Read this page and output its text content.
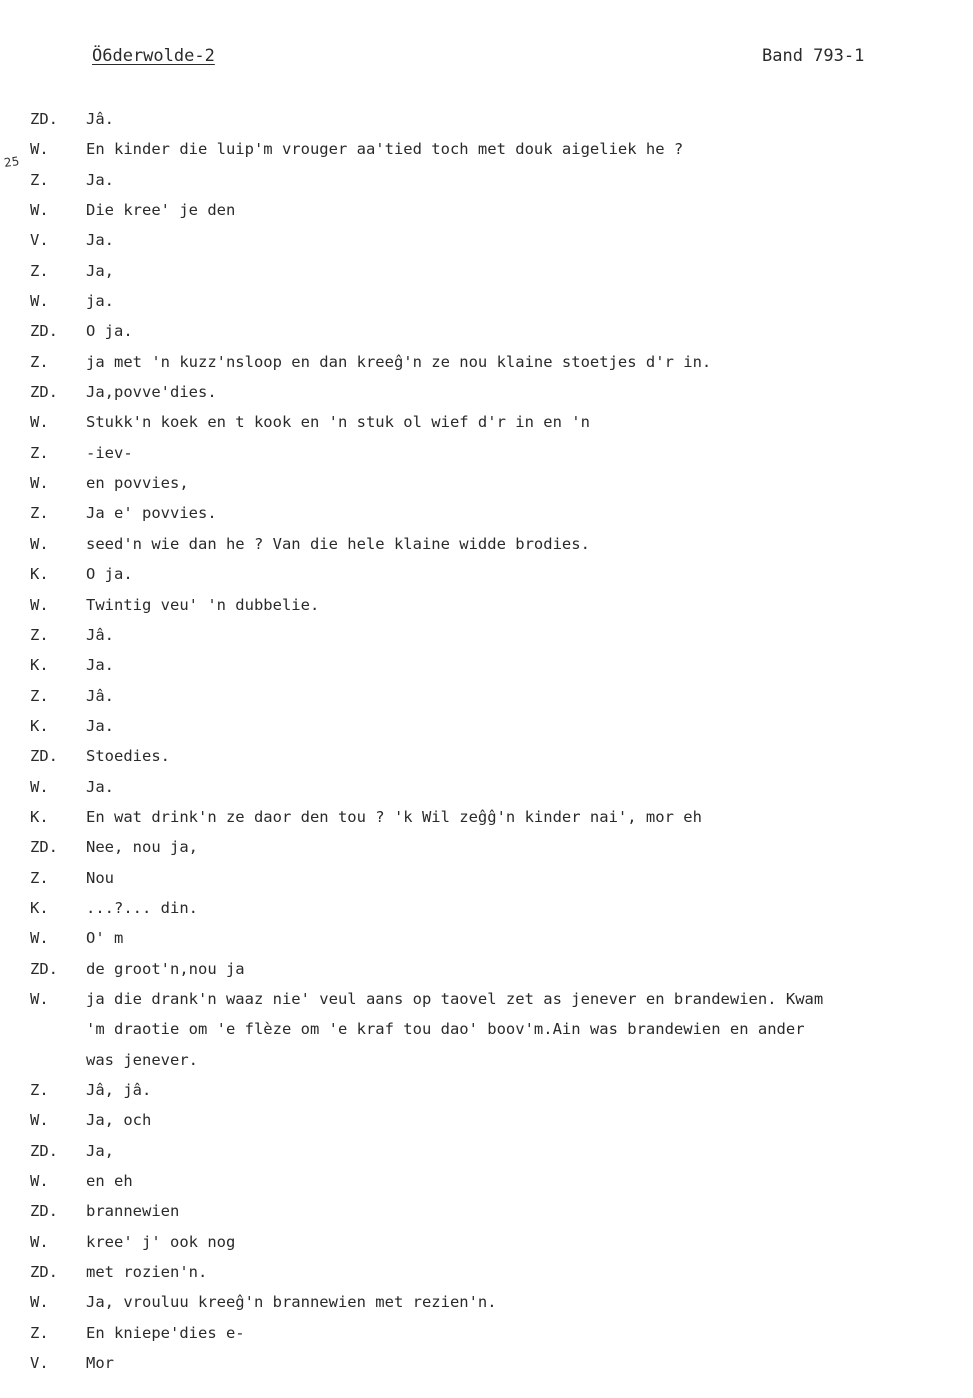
Ö6derwolde-2	Band 793-1
25
ZD. Jâ.
W. En kinder die luip'm vrouger aa'tied toch met douk aigeliek he ?
Z. Ja.
W. Die kree' je den
V. Ja.
Z. Ja,
W. ja.
ZD. O ja.
Z. ja met 'n kuzz'nsloop en dan kreeĝ'n ze nou klaine stoetjes d'r in.
ZD. Ja,povve'dies.
W. Stukk'n koek en t kook en 'n stuk ol wief d'r in en 'n
Z. -iev-
W. en povvies,
Z. Ja e' povvies.
W. seed'n wie dan he ? Van die hele klaine widde brodies.
K. O ja.
W. Twintig veu' 'n dubbelie.
Z. Jâ.
K. Ja.
Z. Jâ.
K. Ja.
ZD. Stoedies.
W. Ja.
K. En wat drink'n ze daor den tou ? 'k Wil zeĝĝ'n kinder nai', mor eh
ZD. Nee, nou ja,
Z. Nou
K. ...?... din.
W. O' m
ZD. de groot'n,nou ja
W. ja die drank'n waaz nie' veul aans op taovel zet as jenever en brandewien. Kwam
'm draotie om 'e flèze om 'e kraf tou dao' boov'm.Ain was brandewien en ander
was jenever.
Z. Jâ, jâ.
W. Ja, och
ZD. Ja,
W. en eh
ZD. brannewien
W. kree' j' ook nog
ZD. met rozien'n.
W. Ja, vrouluu kreeĝ'n brannewien met rezien'n.
Z. En kniepe'dies e-
V. Mor
